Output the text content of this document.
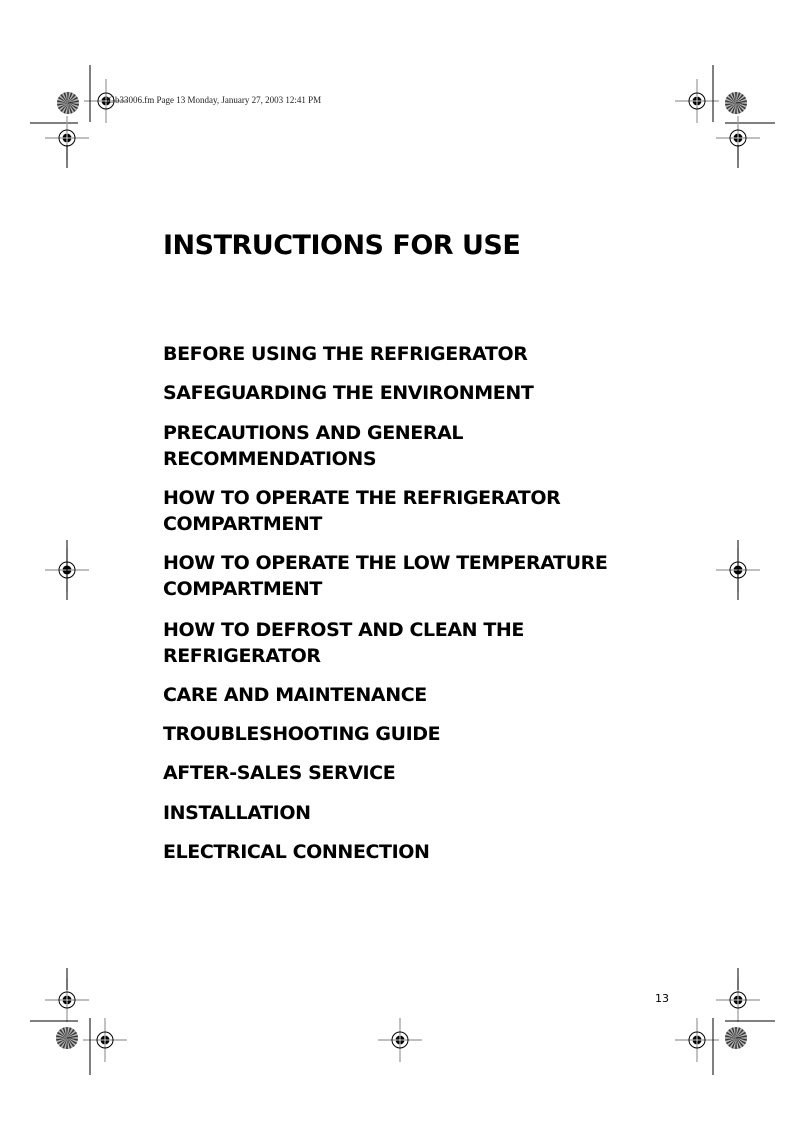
3Gb33006.fm Page 13 Monday, January 27, 2003 12:41 PM
INSTRUCTIONS FOR USE
BEFORE USING THE REFRIGERATOR
SAFEGUARDING THE ENVIRONMENT
PRECAUTIONS AND GENERAL
RECOMMENDATIONS
HOW TO OPERATE THE REFRIGERATOR
COMPARTMENT
HOW TO OPERATE THE LOW TEMPERATURE
COMPARTMENT
HOW TO DEFROST AND CLEAN THE
REFRIGERATOR
CARE AND MAINTENANCE
TROUBLESHOOTING GUIDE
AFTER-SALES SERVICE
INSTALLATION
ELECTRICAL CONNECTION
13
